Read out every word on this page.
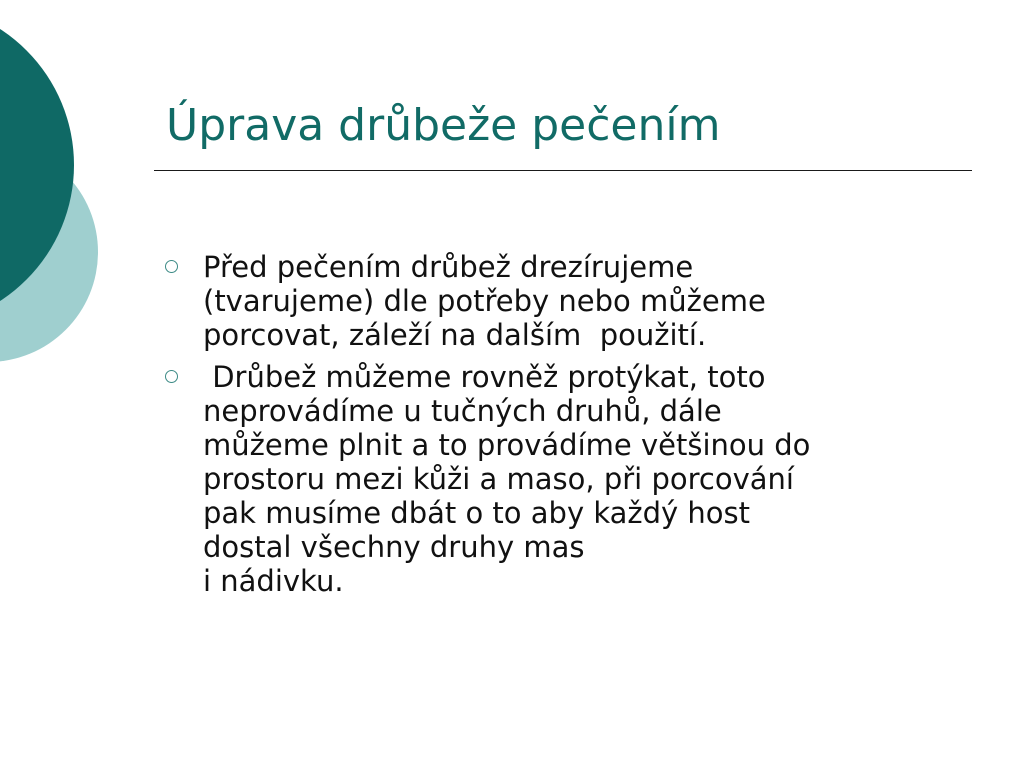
Úprava drůbeže pečením
Před pečením drůbež drezírujeme
(tvarujeme) dle potřeby nebo můžeme
porcovat, záleží na dalším  použití.
Drůbež můžeme rovněž protýkat, toto
neprovádíme u tučných druhů, dále
můžeme plnit a to provádíme většinou do
prostoru mezi kůži a maso, při porcování
pak musíme dbát o to aby každý host
dostal všechny druhy mas
i nádivku.
